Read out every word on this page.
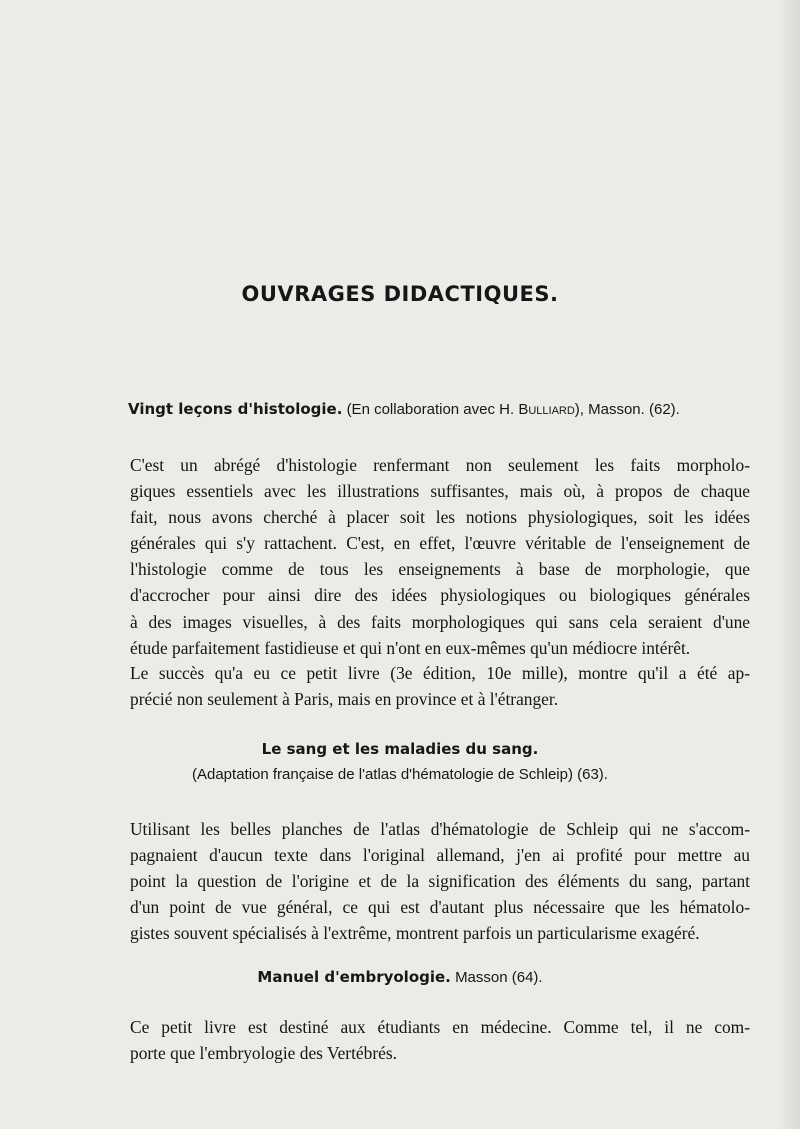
OUVRAGES DIDACTIQUES.
Vingt leçons d'histologie. (En collaboration avec H. Bulliard), Masson. (62).
C'est un abrégé d'histologie renfermant non seulement les faits morpholo-
giques essentiels avec les illustrations suffisantes, mais où, à propos de chaque
fait, nous avons cherché à placer soit les notions physiologiques, soit les idées
générales qui s'y rattachent. C'est, en effet, l'œuvre véritable de l'enseignement de
l'histologie comme de tous les enseignements à base de morphologie, que
d'accrocher pour ainsi dire des idées physiologiques ou biologiques générales
à des images visuelles, à des faits morphologiques qui sans cela seraient d'une
étude parfaitement fastidieuse et qui n'ont en eux-mêmes qu'un médiocre intérêt.
Le succès qu'a eu ce petit livre (3e édition, 10e mille), montre qu'il a été ap-
précié non seulement à Paris, mais en province et à l'étranger.
Le sang et les maladies du sang.
(Adaptation française de l'atlas d'hématologie de Schleip) (63).
Utilisant les belles planches de l'atlas d'hématologie de Schleip qui ne s'accom-
pagnaient d'aucun texte dans l'original allemand, j'en ai profité pour mettre au
point la question de l'origine et de la signification des éléments du sang, partant
d'un point de vue général, ce qui est d'autant plus nécessaire que les hématolo-
gistes souvent spécialisés à l'extrême, montrent parfois un particularisme exagéré.
Manuel d'embryologie. Masson (64).
Ce petit livre est destiné aux étudiants en médecine. Comme tel, il ne com-
porte que l'embryologie des Vertébrés.
